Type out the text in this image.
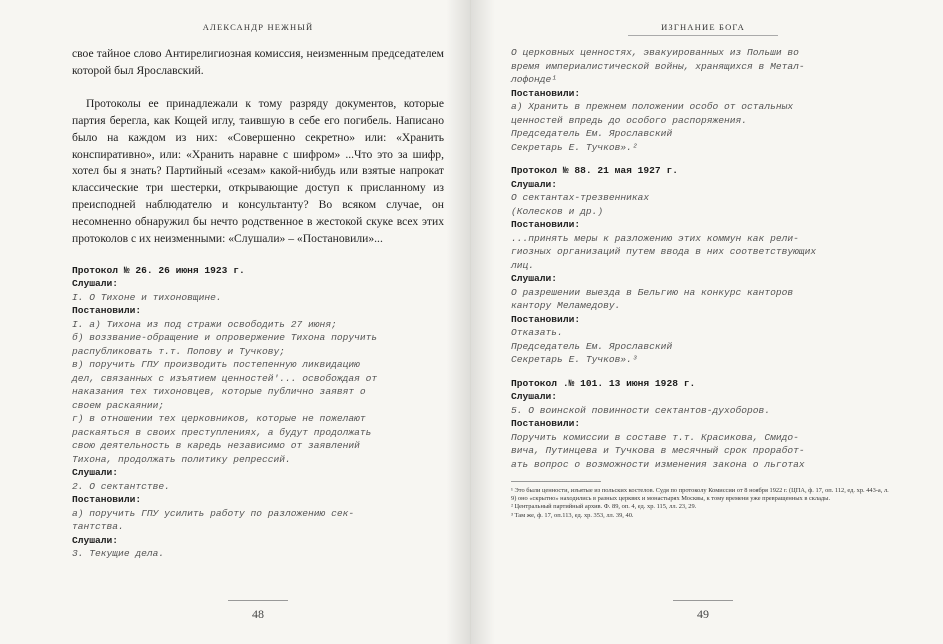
АЛЕКСАНДР НЕЖНЫЙ

свое тайное слово Антирелигиозная комиссия, неизменным председателем которой был Ярославский.

Протоколы ее принадлежали к тому разряду документов, которые партия берегла, как Кощей иглу, таившую в себе его погибель. Написано было на каждом из них: «Совершенно секретно» или: «Хранить конспиративно», или: «Хранить наравне с шифром» ...Что это за шифр, хотел бы я знать? Партийный «сезам» какой-нибудь или взятые напрокат классические три шестерки, открывающие доступ к присланному из преисподней наблюдателю и консультанту? Во всяком случае, он несомненно обнаружил бы нечто родственное в жестокой скуке всех этих протоколов с их неизменными: «Слушали» – «Постановили»...

Протокол № 26. 26 июня 1923 г.

Слушали:

I. О Тихоне и тихоновщине.

Постановили:

I. а) Тихона из под стражи освободить 27 июня;

б) воззвание-обращение и опровержение Тихона поручить

распубликовать т.т. Попову и Тучкову;

в) поручить ГПУ производить постепенную ликвидацию

дел, связанных с изъятием ценностей'... освобождая от

наказания тех тихоновцев, которые публично заявят о

своем раскаянии;

г) в отношении тех церковников, которые не пожелают

раскаяться в своих преступлениях, а будут продолжать

свою деятельность в каредь независимо от заявлений

Тихона, продолжать политику репрессий.

Слушали:

2. О сектантстве.

Постановили:

а) поручить ГПУ усилить работу по разложению сек-

тантства.

Слушали:

3. Текущие дела.

48
ИЗГНАНИЕ БОГА

О церковных ценностях, эвакуированных из Польши во

время империалистической войны, хранящихся в Метал-

лофонде¹

Постановили:

а) Хранить в прежнем положении особо от остальных

ценностей впредь до особого распоряжения.

Председатель Ем. Ярославский

Секретарь Е. Тучков».²

Протокол № 88. 21 мая 1927 г.

Слушали:

О сектантах-трезвенниках

(Колесков и др.)

Постановили:

...принять меры к разложению этих коммун как рели-

гиозных организаций путем ввода в них соответствующих

лиц.

Слушали:

О разрешении выезда в Бельгию на конкурс канторов

кантору Меламедову.

Постановили:

Отказать.

Председатель Ем. Ярославский

Секретарь Е. Тучков».³

Протокол .№ 101. 13 июня 1928 г.

Слушали:

5. О воинской повинности сектантов-духоборов.

Постановили:

Поручить комиссии в составе т.т. Красикова, Смидо-

вича, Путинцева и Тучкова в месячный срок проработ-

ать вопрос о возможности изменения закона о льготах

¹ Это были ценности, изъятые из польских костелов. Судя по протоколу Комиссии от 8 ноября 1922 г. (ЦПА, ф. 17, оп. 112, ед. хр. 443-а, л. 9) оно «скрытно» находились в разных церквях и монастырях Москвы, к тому времени уже превращенных в склады.

² Центральный партийный архив. Ф. 89, оп. 4, ед. хр. 115, лл. 23, 29.

³ Там же, ф. 17, оп.113, ед. хр. 353, лл. 39, 40.

49
